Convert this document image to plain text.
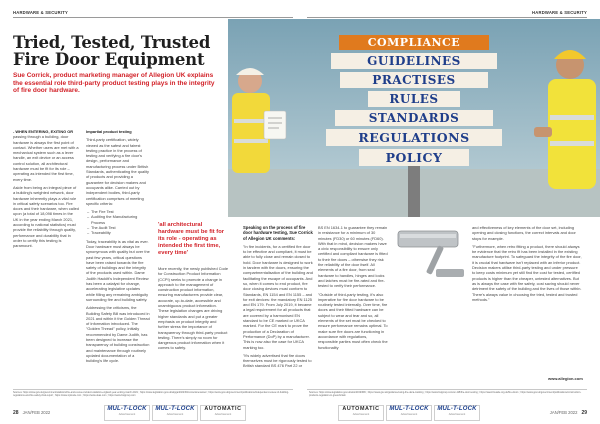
HARDWARE & SECURITY	HARDWARE & SECURITY
Tried, Tested, Trusted
Fire Door Equipment
Sue Corrick, product marketing manager of Allegion UK explains the essential role third-party product testing plays in the integrity of fire door hardware.
COMPLIANCE
GUIDELINES
PRACTISES
RULES
STANDARDS
REGULATIONS
POLICY

- WHEN ENTERING, EXITING OR passing through a building, door hardware is always the first point of contact. Whether users are met with a mechanical system such as a lever handle, an exit device or an access control solution, all architectural hardware must be fit for its role – operating as intended the first time, every time.

Aside from being an integral piece of a building's weighted network, door hardware inherently plays a vital role in critical safety scenarios too. Fire doors and their hardware, when called upon (a total of 18,098 times in the UK in the year ending March 2021, according to national statistics) must provide the reliability through quality, performance and durability that in order to certify this testing is paramount.

Impartial product testing

Third-party certification, widely viewed as the safest and fairest testing practice in the process of testing and verifying a fire door's design, performance and manufacturing process under British Standards, authenticating the quality of products and providing a guarantee for decision makers and occupants alike. Carried out by independent bodies, third-party certification comprises of meeting specific criteria:

– The Fire Test
– Auditing the Manufacturing Process
– The Audit Test
– Traceability

Today, traceability is as vital as ever. Door hardware must always be synonymous with quality but over the past few years, critical questions have been raised towards the fire safety of buildings and the integrity of the products used within. Dame Judith Hackitt's Independent Review has been a catalyst for change, accelerating legislative updates while filling any remaining ambiguity surrounding fire and building safety.

Addressing the criticisms, the Building Safety Bill was introduced in 2021 and within it the Golden Thread of Information introduced. The "Golden Thread" policy, initially recommended by Dame Judith, has been designed to increase the transparency of building construction and maintenance through routinely updated documentation of a building's life cycle.

'all architectural hardware must be fit for its role - operating as intended the first time, every time'

More recently, the newly published Code for Construction Product Information (CCPI) seeks to promote a change in approach to the management of construction product information, ensuring manufacturers provide clear, accurate, up-to-date, accessible and unambiguous product information. These legislation changes are driving higher standards and put a greater emphasis on product integrity and further stress the importance of transparency through third-party product testing. There's simply no room for dangerous product information when it comes to safety.

Speaking on the process of fire door hardware testing, Sue Corrick of Allegion UK comments:

"In fire incidents, for a certified fire door to be effective and compliant, it must be able to fully close and remain closed to hold. Door hardware is designed to work in tandem with the doors, ensuring the compartmentalisation of the building and facilitating the escape of occupants. And so, when it comes to end product, fire door closing devices must conform to Standards, EN 1154 and EN 1155 – and for exit devices: the mandatory EN 1125 and EN 179. From July 2019, it became a legal requirement for all products that are covered by a harmonised EN standard to be CE marked or UKCA marked. For the CE mark to prove the production of a Declaration of Performance (DoP) by a manufacturer. This is now also the case for UKCA marking too.

"It's widely advertised that fire doors themselves must be rigorously tested to British standard BS 476 Part 22 or

BS EN 1634-1 to guarantee they remain in resistance for a minimum of 30 minutes (FD30) or 60 minutes (FD60). With that in mind, decision makers have a civic responsibility to ensure only certified and compliant hardware is fitted to their fire doors – otherwise they risk the reliability of the door itself. All elements of a fire door, from seal hardware to handles, hinges and locks and latches must be fire-rated and fire-tested to verify their performance.

"Outside of third-party testing, it's also imperative for fire door hardware to be routinely tested internally. Over time, fire doors and their fitted hardware can be subject to wear and tear and so, all elements of the set must be checked to ensure performance remains optimal. To make sure fire doors are functioning in accordance with regulations, responsible parties must often check the functionality

and effectiveness of key elements of the door set, including opening and closing functions, the correct intervals and door stops for example.

"Furthermore, when retro fitting a product, there should always be evidence that the retro fit has been installed in the existing manufacture footprint. To safeguard the integrity of the fire door, it is crucial that hardware isn't replaced with an inferior product. Decision makers utilise third-party testing and under pressure to keep costs minimum yet still find the cost for tested, certified products is higher than the cheaper, untested alternatives. But as is always the case with fire safety, cost saving should never detriment the safety of the building and the lives of those within. There's always value in choosing the tried, tested and trusted methods."

www.allegion.com
Sources: https://www.gov.uk/government/statistics/fire-and-rescue-incident-statistics-england-year-ending-march-2021 ; https://www.legislation.gov.uk/ukpga/2022/30/contents/enacted ; https://www.gov.uk/government/publications/independent-review-of-building-regulations-and-fire-safety-final-report ; https://www.cpicode.com ; https://www.ukas.com ; https://www.bsigroup.com
Sources: https://www.legislation.gov.uk/uksi/2019/696 ; https://www.gov.uk/guidance/using-the-ukca-marking ; https://www.bsigroup.com/en-GB/fire-door-testing ; https://www.firesafe.org.uk/fire-doors ; https://www.gov.uk/government/publications/construction-products-regulation-in-great-britain
28 JAN/FEB 2022
MUL-T-LOCK
Advertisement
MUL-T-LOCK
Advertisement
AUTOMATIC
Advertisement
AUTOMATIC
Advertisement
MUL-T-LOCK
Advertisement
MUL-T-LOCK
Advertisement	JAN/FEB 2022 29
